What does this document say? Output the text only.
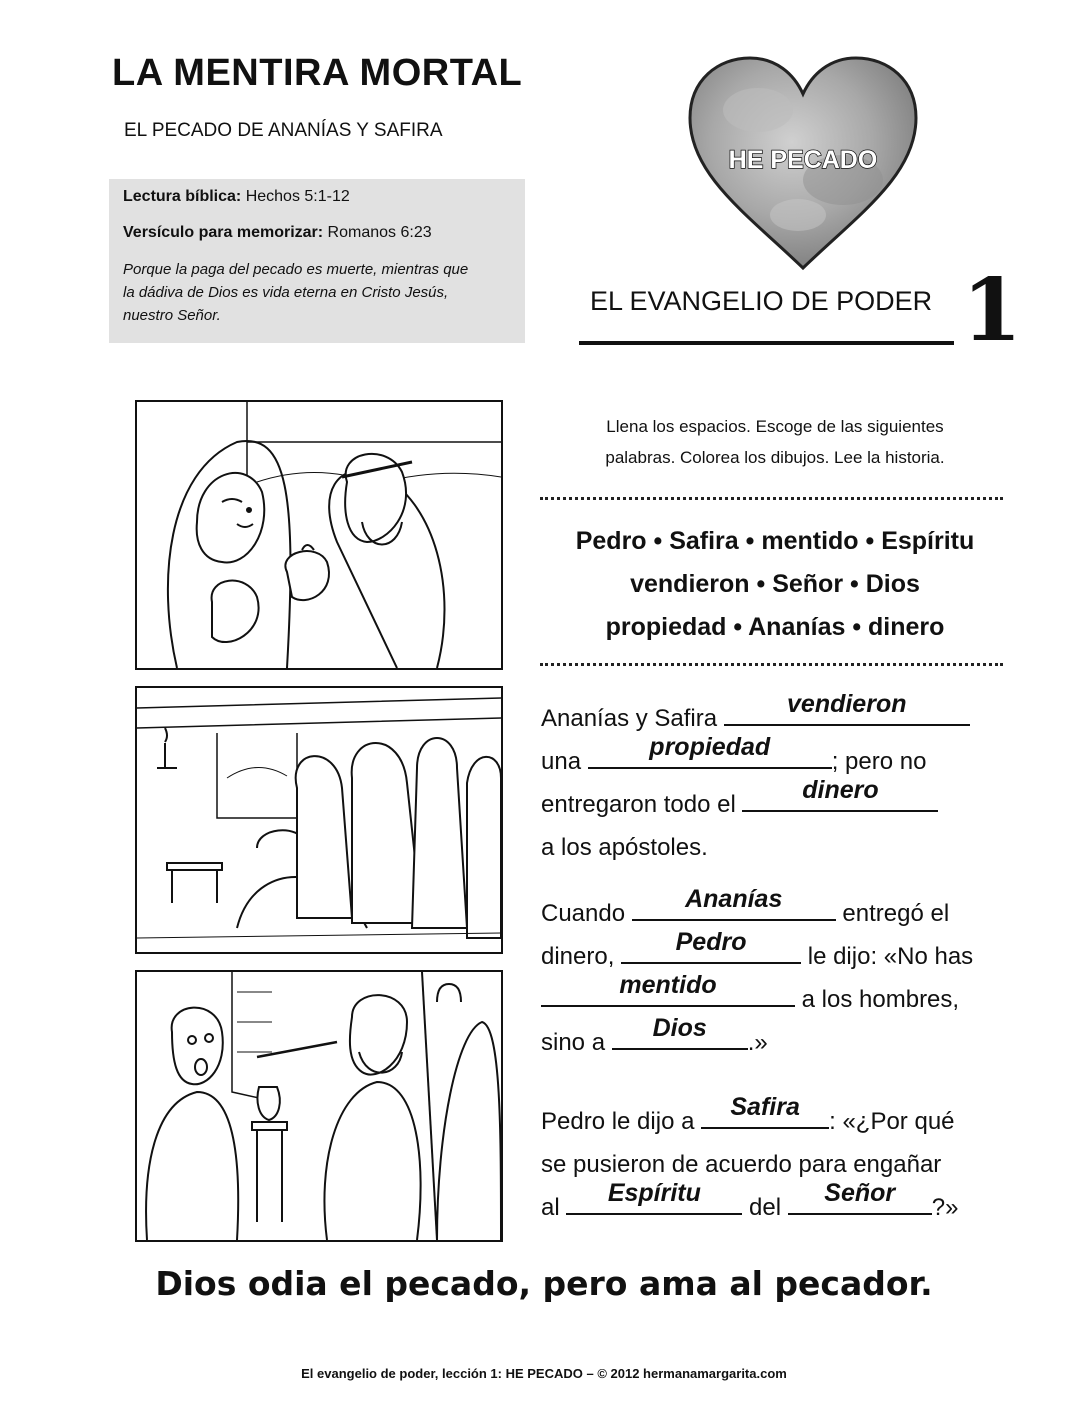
LA MENTIRA MORTAL
EL PECADO DE ANANÍAS Y SAFIRA
Lectura bíblica: Hechos 5:1-12
Versículo para memorizar: Romanos 6:23
Porque la paga del pecado es muerte, mientras que
la dádiva de Dios es vida eterna en Cristo Jesús,
nuestro Señor.
HE PECADO
EL EVANGELIO DE PODER 1
Llena los espacios. Escoge de las siguientes
palabras. Colorea los dibujos. Lee la historia.
Pedro • Safira • mentido • Espíritu
vendieron • Señor • Dios
propiedad • Ananías • dinero
Ananías y Safira
vendieron
una
propiedad
; pero no
entregaron todo el
dinero
a los apóstoles.
Cuando
Ananías
entregó el
dinero,
Pedro
le dijo: «No has
mentido
a los hombres,
sino a
Dios
.»
Pedro le dijo a
Safira
: «¿Por qué
se pusieron de acuerdo para engañar
al
Espíritu
del
Señor
?»
Dios odia el pecado, pero ama al pecador.
El evangelio de poder, lección 1: HE PECADO – © 2012 hermanamargarita.com
